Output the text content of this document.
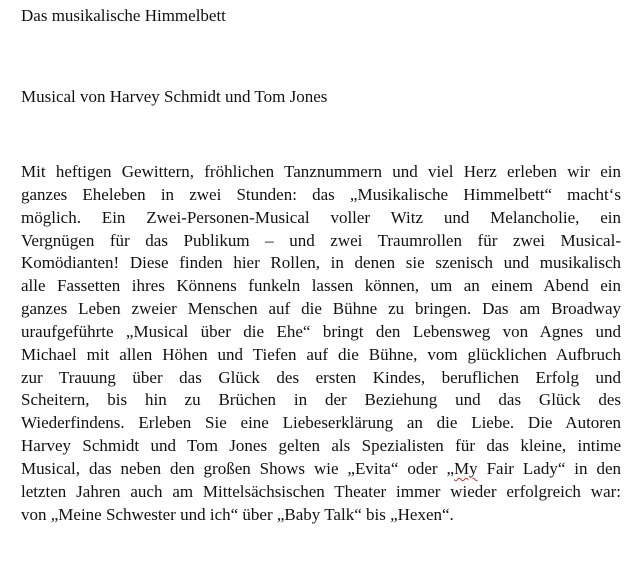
Das musikalische Himmelbett
Musical von Harvey Schmidt und Tom Jones
Mit heftigen Gewittern, fröhlichen Tanznummern und viel Herz erleben wir ein
ganzes Eheleben in zwei Stunden: das „Musikalische Himmelbett“ macht‘s
möglich. Ein Zwei-Personen-Musical voller Witz und Melancholie, ein
Vergnügen für das Publikum – und zwei Traumrollen für zwei Musical-
Komödianten! Diese finden hier Rollen, in denen sie szenisch und musikalisch
alle Fassetten ihres Könnens funkeln lassen können, um an einem Abend ein
ganzes Leben zweier Menschen auf die Bühne zu bringen. Das am Broadway
uraufgeführte „Musical über die Ehe“ bringt den Lebensweg von Agnes und
Michael mit allen Höhen und Tiefen auf die Bühne, vom glücklichen Aufbruch
zur Trauung über das Glück des ersten Kindes, beruflichen Erfolg und
Scheitern, bis hin zu Brüchen in der Beziehung und das Glück des
Wiederfindens. Erleben Sie eine Liebeserklärung an die Liebe. Die Autoren
Harvey Schmidt und Tom Jones gelten als Spezialisten für das kleine, intime
Musical, das neben den großen Shows wie „Evita“ oder „My Fair Lady“ in den
letzten Jahren auch am Mittelsächsischen Theater immer wieder erfolgreich war:
von „Meine Schwester und ich“ über „Baby Talk“ bis „Hexen“.
